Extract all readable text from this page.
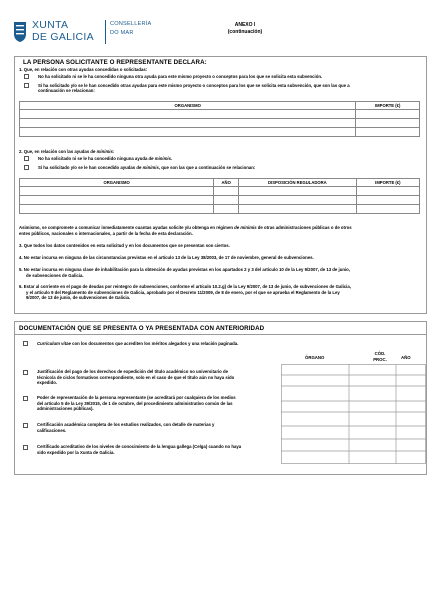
XUNTA
DE GALICIA
CONSELLERÍA
DO MAR
ANEXO I
(continuación)
LA PERSONA SOLICITANTE O REPRESENTANTE DECLARA:
1. Que, en relación con otras ayudas concedidas o solicitadas:
No ha solicitado ni se le ha concedido ninguna otra ayuda para este mismo proyecto o conceptos para los que se solicita esta subvención.
Sí ha solicitado y/o se le han concedido otras ayudas para este mismo proyecto o conceptos para los que se solicita esta subvención, que son las que a
continuación se relacionan:
ORGANISMO	IMPORTE (€)

2. Que, en relación con las ayudas de minimis:
No ha solicitado ni se le ha concedido ninguna ayuda de minimis.
Sí ha solicitado y/o se le han concedido ayudas de minimis, que son las que a continuación se relacionan:
ORGANISMO	AÑO	DISPOSICIÓN REGULADORA	IMPORTE (€)

Asimismo, se compromete a comunicar inmediatamente cuantas ayudas solicite y/u obtenga en régimen de minimis de otras administraciones públicas o de otros
entes públicos, nacionales o internacionales, a partir de la fecha de esta declaración.
3. Que todos los datos contenidos en esta solicitud y en los documentos que se presentan son ciertos.
4. No estar incursa en ninguna de las circunstancias previstas en el artículo 13 de la Ley 38/2003, de 17 de noviembre, general de subvenciones.
5. No estar incursa en ninguna clase de inhabilitación para la obtención de ayudas previstas en los apartados 2 y 3 del artículo 10 de la Ley 9/2007, de 13 de junio,
de subvenciones de Galicia.
6. Estar al corriente en el pago de deudas por reintegro de subvenciones, conforme el artículo 10.2.g) de la Ley 9/2007, de 13 de junio, de subvenciones de Galicia,
y el artículo 9 del Reglamento de subvenciones de Galicia, aprobado por el Decreto 11/2009, de 8 de enero, por el que se aprueba el Reglamento de la Ley
9/2007, de 13 de junio, de subvenciones de Galicia.
DOCUMENTACIÓN QUE SE PRESENTA O YA PRESENTADA CON ANTERIORIDAD
Curriculum vitae con los documentos que acrediten los méritos alegados y una relación paginada.
ÓRGANO
CÓD.
PROC.	AÑO
Justificación del pago de los derechos de expedición del título académico no universitario de
técnico/a de ciclos formativos correspondiente, solo en el caso de que el título aún no haya sido
expedido.
Poder de representación de la persona representante (se acreditará por cualquiera de los medios
del artículo 5 de la Ley 39/2015, de 1 de octubre, del procedimiento administrativo común de las
administraciones públicas).
Certificación académica completa de los estudios realizados, con detalle de materias y
calificaciones.
Certificado acreditativo de los niveles de conocimiento de la lengua gallega (Celga) cuando no haya
sido expedido por la Xunta de Galicia.
